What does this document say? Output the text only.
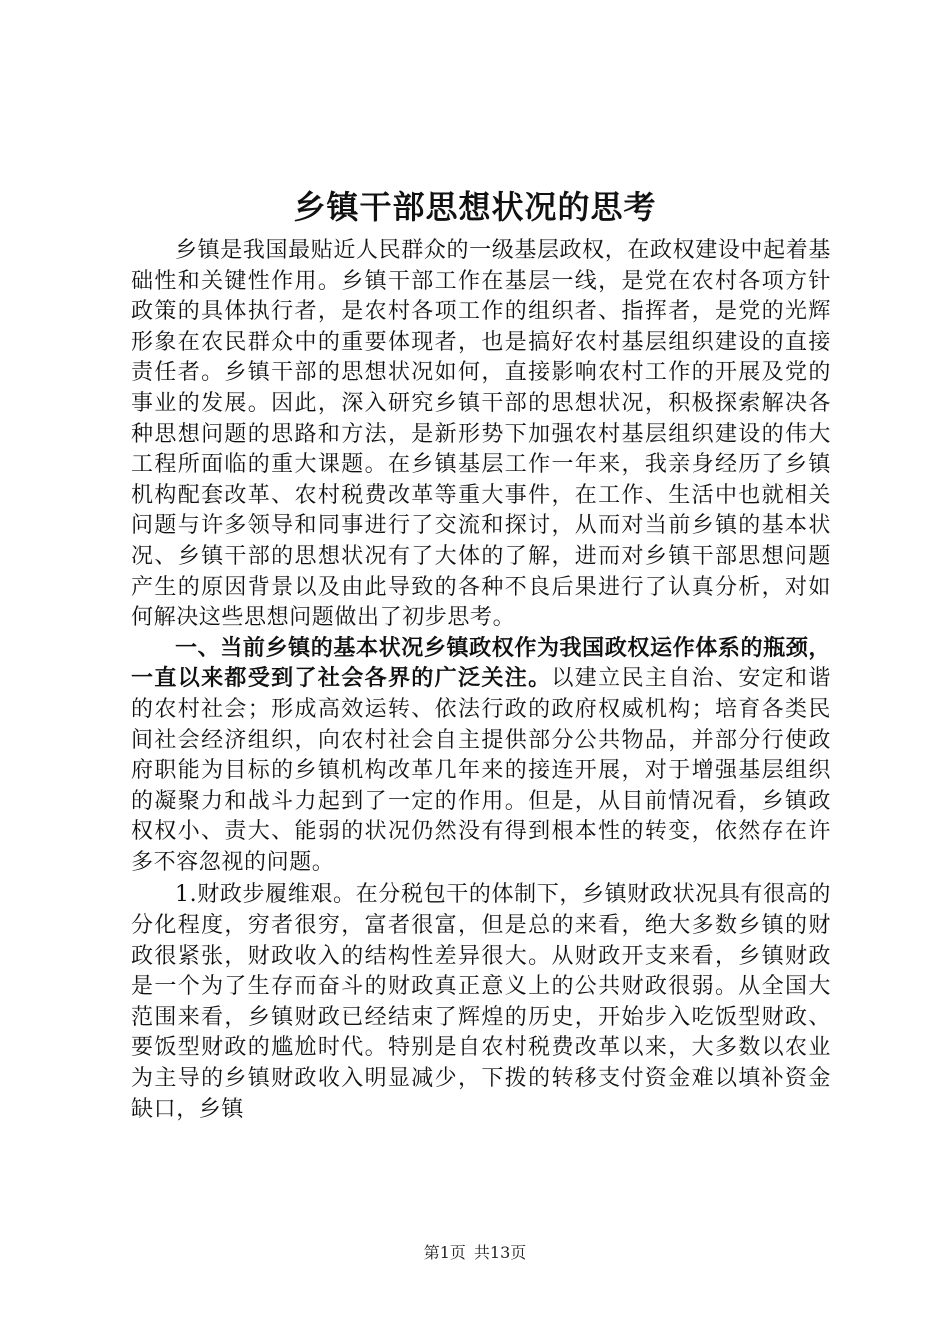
乡镇干部思想状况的思考

乡镇是我国最贴近人民群众的一级基层政权，在政权建设中起着基础性和关键性作用。乡镇干部工作在基层一线，是党在农村各项方针政策的具体执行者，是农村各项工作的组织者、指挥者，是党的光辉形象在农民群众中的重要体现者，也是搞好农村基层组织建设的直接责任者。乡镇干部的思想状况如何，直接影响农村工作的开展及党的事业的发展。因此，深入研究乡镇干部的思想状况，积极探索解决各种思想问题的思路和方法，是新形势下加强农村基层组织建设的伟大工程所面临的重大课题。在乡镇基层工作一年来，我亲身经历了乡镇机构配套改革、农村税费改革等重大事件，在工作、生活中也就相关问题与许多领导和同事进行了交流和探讨，从而对当前乡镇的基本状况、乡镇干部的思想状况有了大体的了解，进而对乡镇干部思想问题产生的原因背景以及由此导致的各种不良后果进行了认真分析，对如何解决这些思想问题做出了初步思考。

一、当前乡镇的基本状况乡镇政权作为我国政权运作体系的瓶颈，一直以来都受到了社会各界的广泛关注。以建立民主自治、安定和谐的农村社会；形成高效运转、依法行政的政府权威机构；培育各类民间社会经济组织，向农村社会自主提供部分公共物品，并部分行使政府职能为目标的乡镇机构改革几年来的接连开展，对于增强基层组织的凝聚力和战斗力起到了一定的作用。但是，从目前情况看，乡镇政权权小、责大、能弱的状况仍然没有得到根本性的转变，依然存在许多不容忽视的问题。

1.财政步履维艰。在分税包干的体制下，乡镇财政状况具有很高的分化程度，穷者很穷，富者很富，但是总的来看，绝大多数乡镇的财政很紧张，财政收入的结构性差异很大。从财政开支来看，乡镇财政是一个为了生存而奋斗的财政真正意义上的公共财政很弱。从全国大范围来看，乡镇财政已经结束了辉煌的历史，开始步入吃饭型财政、要饭型财政的尴尬时代。特别是自农村税费改革以来，大多数以农业为主导的乡镇财政收入明显减少，下拨的转移支付资金难以填补资金缺口，乡镇

第1页 共13页
